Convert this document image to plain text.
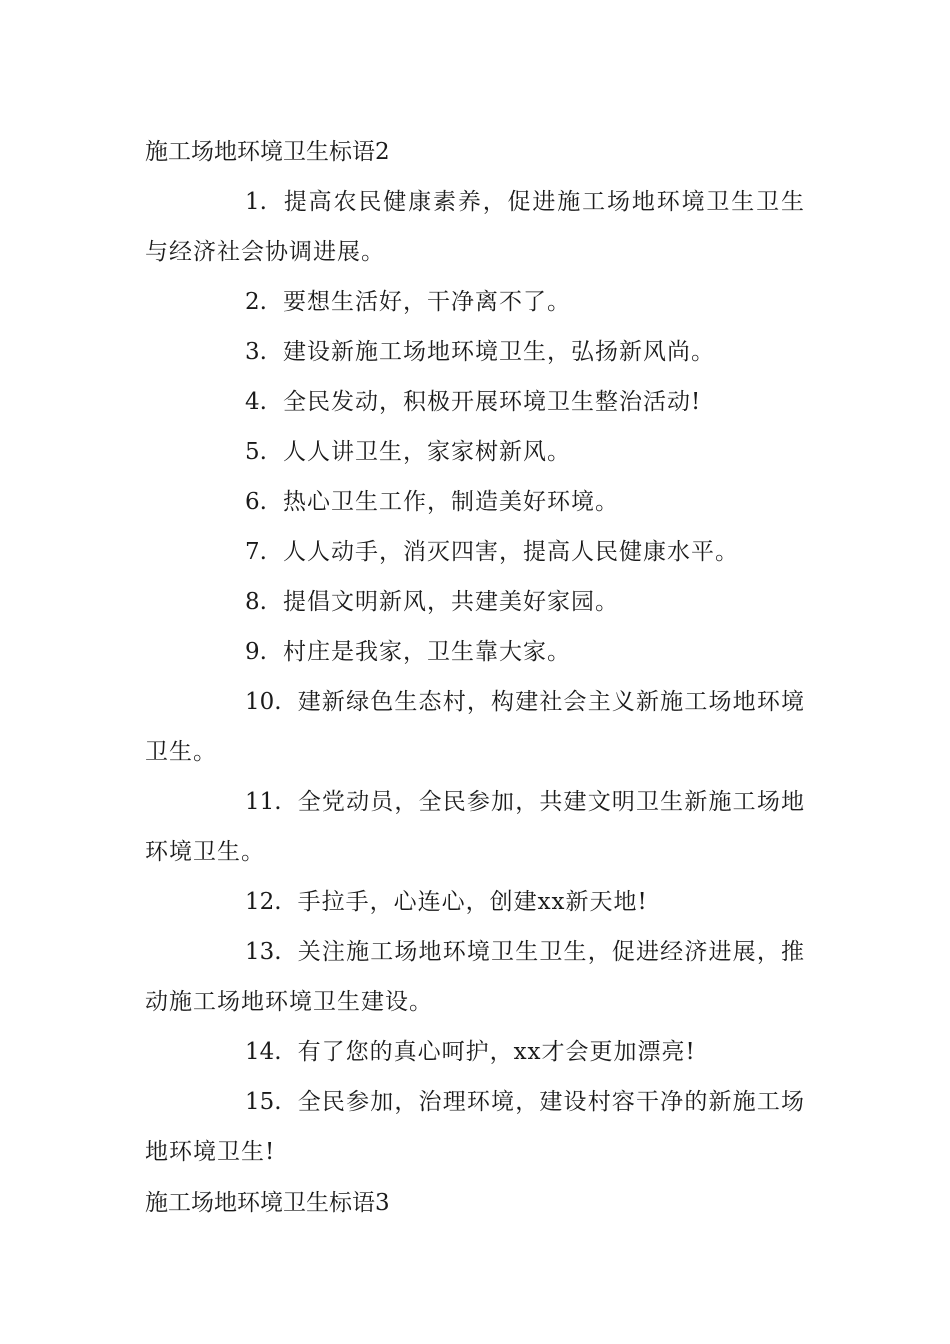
施工场地环境卫生标语2

1. 提高农民健康素养，促进施工场地环境卫生卫生与经济社会协调进展。

2. 要想生活好，干净离不了。

3. 建设新施工场地环境卫生，弘扬新风尚。

4. 全民发动，积极开展环境卫生整治活动!

5. 人人讲卫生，家家树新风。

6. 热心卫生工作，制造美好环境。

7. 人人动手，消灭四害，提高人民健康水平。

8. 提倡文明新风，共建美好家园。

9. 村庄是我家，卫生靠大家。

10. 建新绿色生态村，构建社会主义新施工场地环境卫生。

11. 全党动员，全民参加，共建文明卫生新施工场地环境卫生。

12. 手拉手，心连心，创建xx新天地!

13. 关注施工场地环境卫生卫生，促进经济进展，推动施工场地环境卫生建设。

14. 有了您的真心呵护，xx才会更加漂亮!

15. 全民参加，治理环境，建设村容干净的新施工场地环境卫生!

施工场地环境卫生标语3
